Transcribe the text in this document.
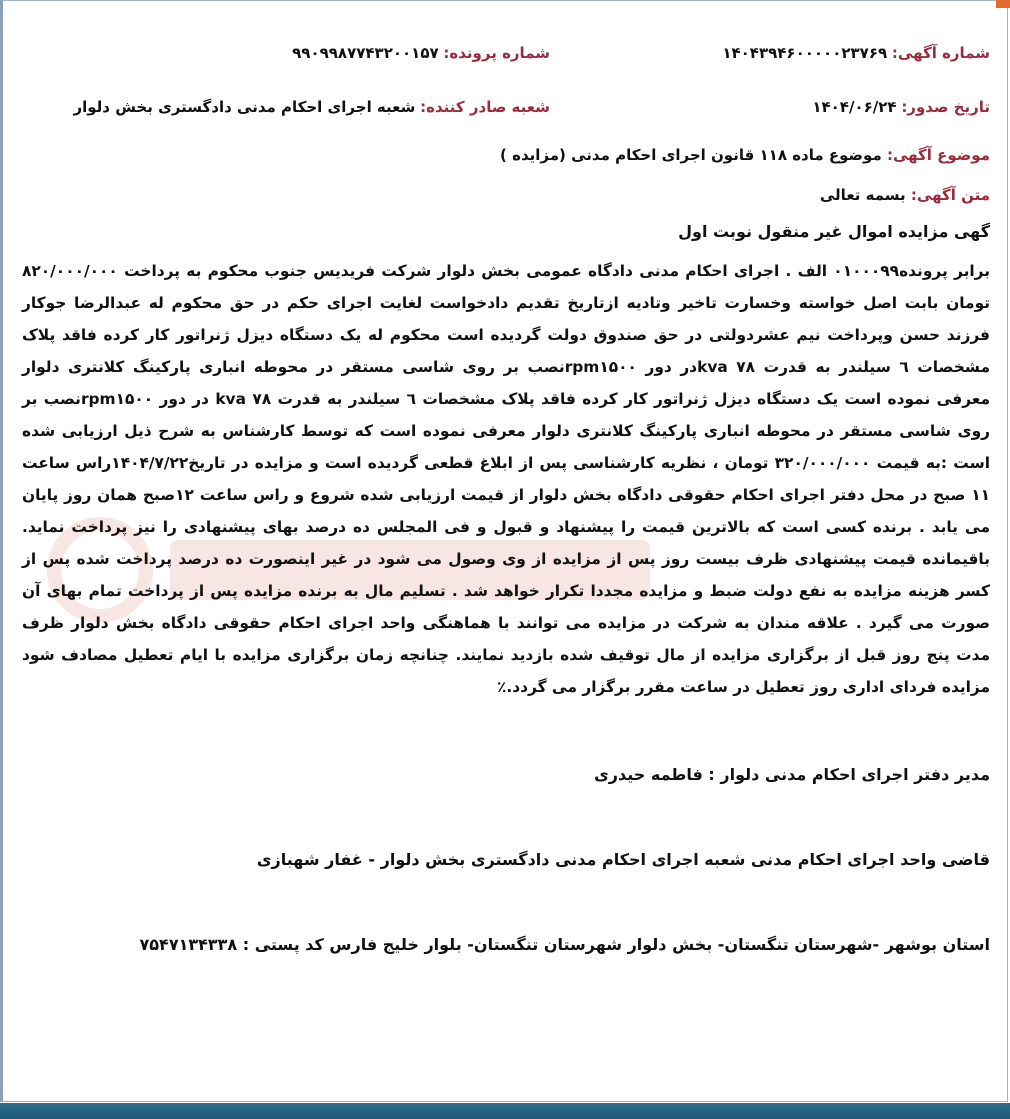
شماره آگهی: ۱۴۰۴۳۹۴۶۰۰۰۰۰۲۳۷۶۹
شماره پرونده: ۹۹۰۹۹۸۷۷۴۳۲۰۰۱۵۷
تاریخ صدور: ۱۴۰۴/۰۶/۲۴
شعبه صادر کننده: شعبه اجرای احکام مدنی دادگستری بخش دلوار
موضوع آگهی: موضوع ماده ۱۱۸ قانون اجرای احکام مدنی (مزایده )
متن آگهی: بسمه تعالی
گهی مزایده اموال غیر منقول نوبت اول
برابر پرونده۰۱۰۰۰۹۹ الف . اجرای احکام مدنی دادگاه عمومی بخش دلوار شرکت فریدیس جنوب محکوم به پرداخت ۸۲۰/۰۰۰/۰۰۰ تومان بابت اصل خواسته وخسارت تاخیر وتادیه ازتاریخ تقدیم دادخواست لغایت اجرای حکم در حق محکوم له عبدالرضا جوکار فرزند حسن وپرداخت نیم عشردولتی در حق صندوق دولت گردیده است محکوم له یک دستگاه دیزل ژنراتور کار کرده فاقد پلاک مشخصات ٦ سیلندر به قدرت ۷۸ kvaدر دور rpm۱۵۰۰نصب بر روی شاسی مستقر در محوطه انباری پارکینگ کلانتری دلوار معرفی نموده است یک دستگاه دیزل ژنراتور کار کرده فاقد پلاک مشخصات ٦ سیلندر به قدرت ۷۸ kva در دور rpm۱۵۰۰نصب بر روی شاسی مستقر در محوطه انباری پارکینگ کلانتری دلوار معرفی نموده است که توسط کارشناس به شرح ذیل ارزیابی شده است :به قیمت ۳۲۰/۰۰۰/۰۰۰ تومان ، نظریه کارشناسی پس از ابلاغ قطعی گردیده است و مزایده در تاریخ۱۴۰۴/۷/۲۲راس ساعت ۱۱ صبح در محل دفتر اجرای احکام حقوقی دادگاه بخش دلوار از قیمت ارزیابی شده شروع و راس ساعت ۱۲صبح همان روز پایان می یابد . برنده کسی است که بالاترین قیمت را پیشنهاد و قبول و فی المجلس ده درصد بهای پیشنهادی را نیز پرداخت نماید. باقیمانده قیمت پیشنهادی ظرف بیست روز پس از مزایده از وی وصول می شود در غیر اینصورت ده درصد پرداخت شده پس از کسر هزینه مزایده به نفع دولت ضبط و مزایده مجددا تکرار خواهد شد . تسلیم مال به برنده مزایده پس از پرداخت تمام بهای آن صورت می گیرد . علاقه مندان به شرکت در مزایده می توانند با هماهنگی واحد اجرای احکام حقوقی دادگاه بخش دلوار ظرف مدت پنج روز قبل از برگزاری مزایده از مال توقیف شده بازدید نمایند. چنانچه زمان برگزاری مزایده با ایام تعطیل مصادف شود مزایده فردای اداری روز تعطیل در ساعت مقرر برگزار می گردد.٪
مدیر دفتر اجرای احکام مدنی دلوار : فاطمه حیدری
قاضی واحد اجرای احکام مدنی شعبه اجرای احکام مدنی دادگستری بخش دلوار - غفار شهبازی
استان بوشهر -شهرستان تنگستان- بخش دلوار شهرستان تنگستان- بلوار خلیج فارس کد پستی : ۷۵۴۷۱۳۴۳۳۸
